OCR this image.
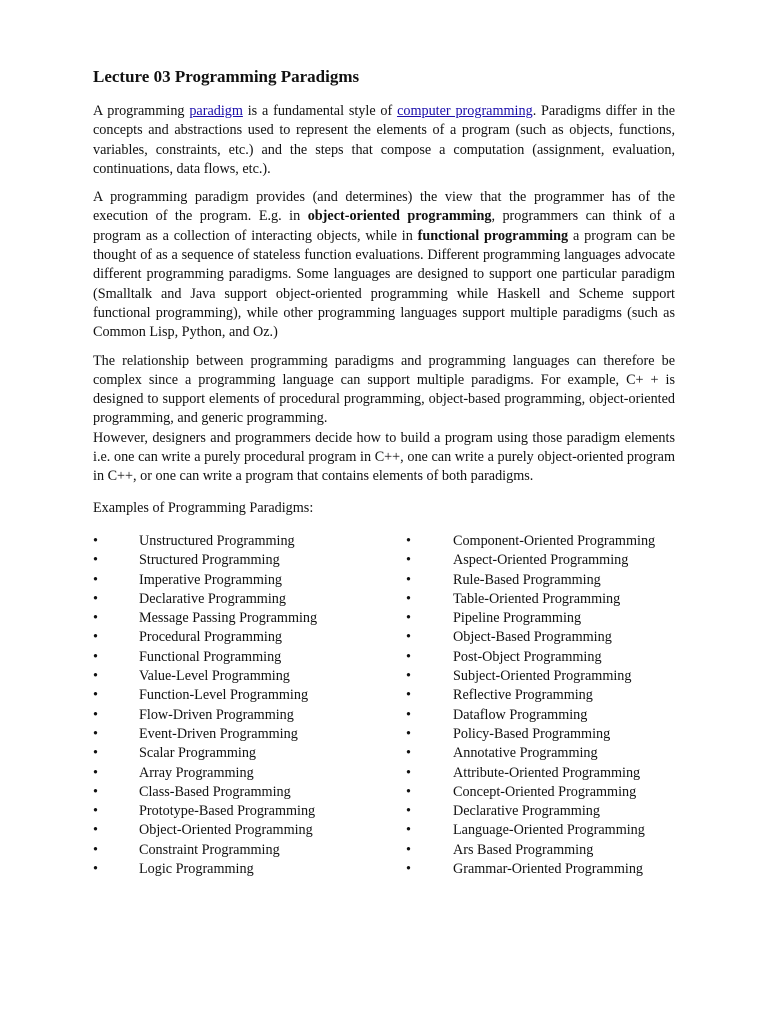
Lecture 03 Programming Paradigms

A programming paradigm is a fundamental style of computer programming. Paradigms differ in the concepts and abstractions used to represent the elements of a program (such as objects, functions, variables, constraints, etc.) and the steps that compose a computation (assignment, evaluation, continuations, data flows, etc.).

A programming paradigm provides (and determines) the view that the programmer has of the execution of the program. E.g. in object-oriented programming, programmers can think of a program as a collection of interacting objects, while in functional programming a program can be thought of as a sequence of stateless function evaluations. Different programming languages advocate different programming paradigms. Some languages are designed to support one particular paradigm (Smalltalk and Java support object-oriented programming while Haskell and Scheme support functional programming), while other programming languages support multiple paradigms (such as Common Lisp, Python, and Oz.)

The relationship between programming paradigms and programming languages can therefore be complex since a programming language can support multiple paradigms. For example, C+ + is designed to support elements of procedural programming, object-based programming, object-oriented programming, and generic programming.

However, designers and programmers decide how to build a program using those paradigm elements i.e. one can write a purely procedural program in C++, one can write a purely object-oriented program in C++, or one can write a program that contains elements of both paradigms.

Examples of Programming Paradigms:
•	Unstructured Programming
•	Structured Programming
•	Imperative Programming
•	Declarative Programming
•	Message Passing Programming
•	Procedural Programming
•	Functional Programming
•	Value-Level Programming
•	Function-Level Programming
•	Flow-Driven Programming
•	Event-Driven Programming
•	Scalar Programming
•	Array Programming
•	Class-Based Programming
•	Prototype-Based Programming
•	Object-Oriented Programming
•	Constraint Programming
•	Logic Programming
•	Component-Oriented Programming
•	Aspect-Oriented Programming
•	Rule-Based Programming
•	Table-Oriented Programming
•	Pipeline Programming
•	Object-Based Programming
•	Post-Object Programming
•	Subject-Oriented Programming
•	Reflective Programming
•	Dataflow Programming
•	Policy-Based Programming
•	Annotative Programming
•	Attribute-Oriented Programming
•	Concept-Oriented Programming
•	Declarative Programming
•	Language-Oriented Programming
•	Ars Based Programming
•	Grammar-Oriented Programming
